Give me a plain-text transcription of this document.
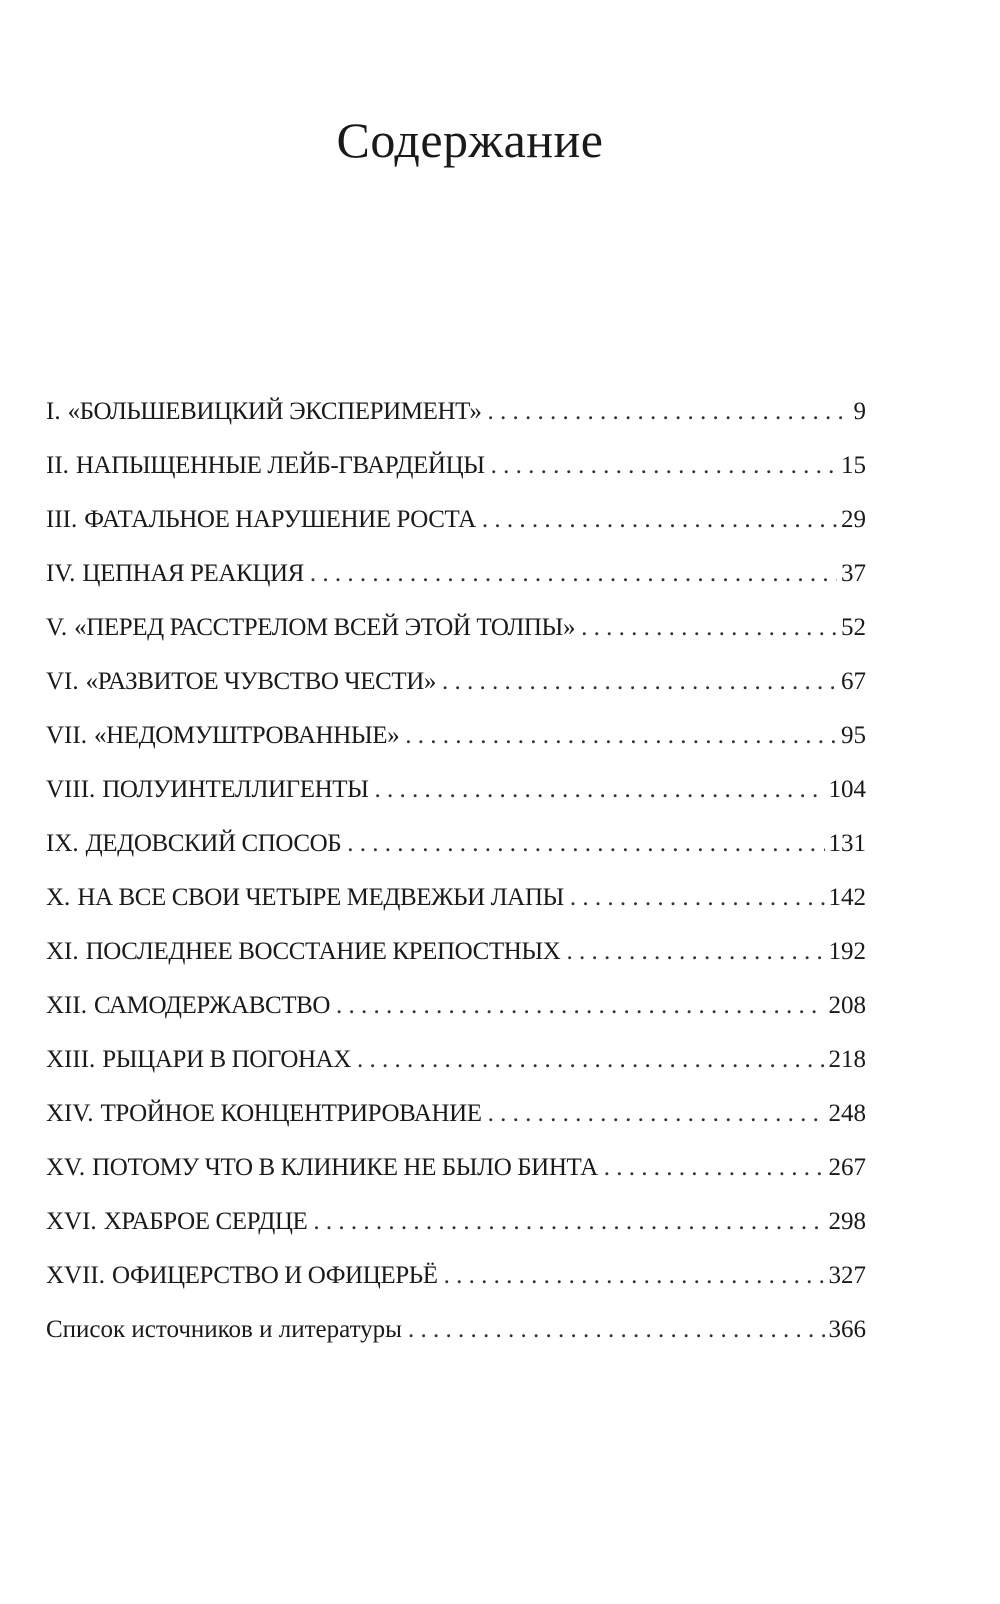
Содержание
I. «БОЛЬШЕВИЦКИЙ ЭКСПЕРИМЕНТ» . . .	9
II. НАПЫЩЕННЫЕ ЛЕЙБ-ГВАРДЕЙЦЫ . . .	15
III. ФАТАЛЬНОЕ НАРУШЕНИЕ РОСТА . . .	29
IV. ЦЕПНАЯ РЕАКЦИЯ . . .	37
V. «ПЕРЕД РАССТРЕЛОМ ВСЕЙ ЭТОЙ ТОЛПЫ» . . .	52
VI. «РАЗВИТОЕ ЧУВСТВО ЧЕСТИ» . . .	67
VII. «НЕДОМУШТРОВАННЫЕ» . . .	95
VIII. ПОЛУИНТЕЛЛИГЕНТЫ . . .	104
IX. ДЕДОВСКИЙ СПОСОБ . . .	131
X. НА ВСЕ СВОИ ЧЕТЫРЕ МЕДВЕЖЬИ ЛАПЫ . . .	142
XI. ПОСЛЕДНЕЕ ВОССТАНИЕ КРЕПОСТНЫХ . . .	192
XII. САМОДЕРЖАВСТВО . . .	208
XIII. РЫЦАРИ В ПОГОНАХ . . .	218
XIV. ТРОЙНОЕ КОНЦЕНТРИРОВАНИЕ . . .	248
XV. ПОТОМУ ЧТО В КЛИНИКЕ НЕ БЫЛО БИНТА . . .	267
XVI. ХРАБРОЕ СЕРДЦЕ . . .	298
XVII. ОФИЦЕРСТВО И ОФИЦЕРЬЁ . . .	327
Список источников и литературы . . .	366
